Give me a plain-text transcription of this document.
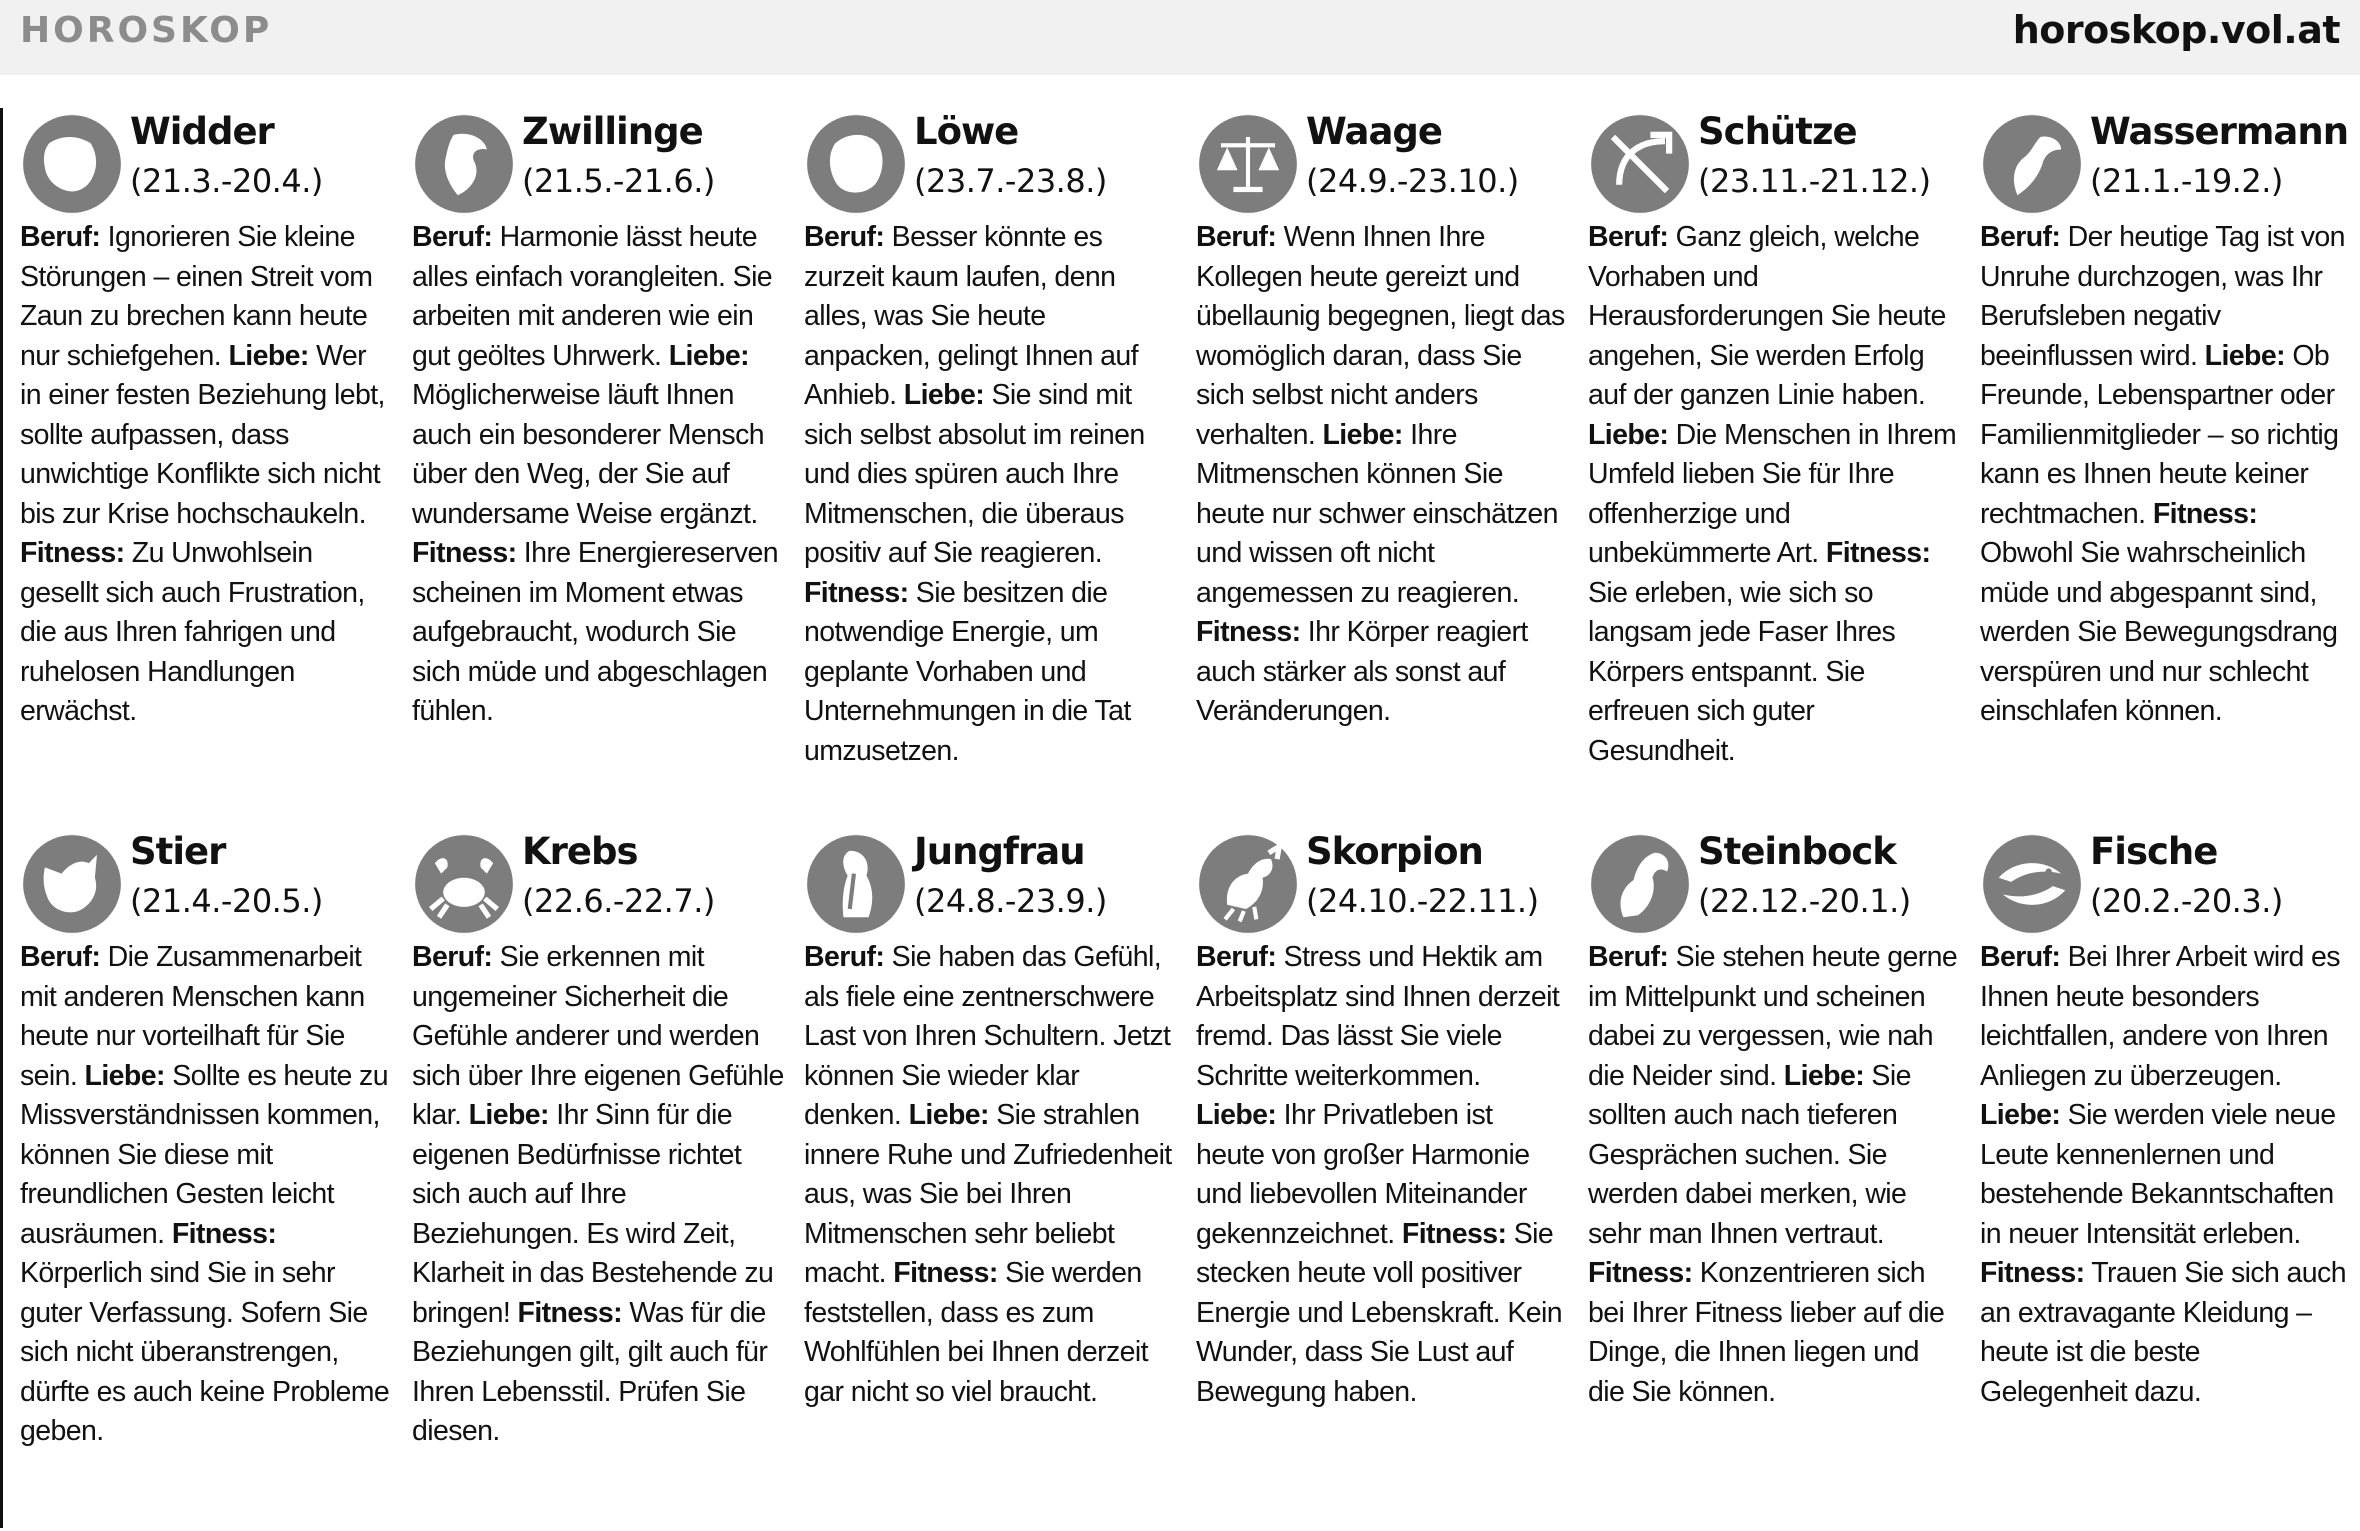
HOROSKOP	horoskop.vol.at
Widder
(21.3.-20.4.)
Beruf: Ignorieren Sie kleine Störungen – einen Streit vom Zaun zu brechen kann heute nur schiefgehen. Liebe: Wer in einer festen Beziehung lebt, sollte aufpassen, dass unwichtige Konflikte sich nicht bis zur Krise hochschaukeln. Fitness: Zu Unwohlsein gesellt sich auch Frustration, die aus Ihren fahrigen und ruhelosen Handlungen erwächst.
Zwillinge
(21.5.-21.6.)
Beruf: Harmonie lässt heute alles einfach vorangleiten. Sie arbeiten mit anderen wie ein gut geöltes Uhrwerk. Liebe: Möglicherweise läuft Ihnen auch ein besonderer Mensch über den Weg, der Sie auf wundersame Weise ergänzt. Fitness: Ihre Energiereserven scheinen im Moment etwas aufgebraucht, wodurch Sie sich müde und abgeschlagen fühlen.
Löwe
(23.7.-23.8.)
Beruf: Besser könnte es zurzeit kaum laufen, denn alles, was Sie heute anpacken, gelingt Ihnen auf Anhieb. Liebe: Sie sind mit sich selbst absolut im reinen und dies spüren auch Ihre Mitmenschen, die überaus positiv auf Sie reagieren. Fitness: Sie besitzen die notwendige Energie, um geplante Vorhaben und Unternehmungen in die Tat umzusetzen.
Waage
(24.9.-23.10.)
Beruf: Wenn Ihnen Ihre Kollegen heute gereizt und übellaunig begegnen, liegt das womöglich daran, dass Sie sich selbst nicht anders verhalten. Liebe: Ihre Mitmenschen können Sie heute nur schwer einschätzen und wissen oft nicht angemessen zu reagieren. Fitness: Ihr Körper reagiert auch stärker als sonst auf Veränderungen.
Schütze
(23.11.-21.12.)
Beruf: Ganz gleich, welche Vorhaben und Herausforderungen Sie heute angehen, Sie werden Erfolg auf der ganzen Linie haben. Liebe: Die Menschen in Ihrem Umfeld lieben Sie für Ihre offenherzige und unbekümmerte Art. Fitness: Sie erleben, wie sich so langsam jede Faser Ihres Körpers entspannt. Sie erfreuen sich guter Gesundheit.
Wassermann
(21.1.-19.2.)
Beruf: Der heutige Tag ist von Unruhe durchzogen, was Ihr Berufsleben negativ beeinflussen wird. Liebe: Ob Freunde, Lebenspartner oder Familienmitglieder – so richtig kann es Ihnen heute keiner rechtmachen. Fitness: Obwohl Sie wahrscheinlich müde und abgespannt sind, werden Sie Bewegungsdrang verspüren und nur schlecht einschlafen können.
Stier
(21.4.-20.5.)
Beruf: Die Zusammenarbeit mit anderen Menschen kann heute nur vorteilhaft für Sie sein. Liebe: Sollte es heute zu Missverständnissen kommen, können Sie diese mit freundlichen Gesten leicht ausräumen. Fitness: Körperlich sind Sie in sehr guter Verfassung. Sofern Sie sich nicht überanstrengen, dürfte es auch keine Probleme geben.
Krebs
(22.6.-22.7.)
Beruf: Sie erkennen mit ungemeiner Sicherheit die Gefühle anderer und werden sich über Ihre eigenen Gefühle klar. Liebe: Ihr Sinn für die eigenen Bedürfnisse richtet sich auch auf Ihre Beziehungen. Es wird Zeit, Klarheit in das Bestehende zu bringen! Fitness: Was für die Beziehungen gilt, gilt auch für Ihren Lebensstil. Prüfen Sie diesen.
Jungfrau
(24.8.-23.9.)
Beruf: Sie haben das Gefühl, als fiele eine zentnerschwere Last von Ihren Schultern. Jetzt können Sie wieder klar denken. Liebe: Sie strahlen innere Ruhe und Zufriedenheit aus, was Sie bei Ihren Mitmenschen sehr beliebt macht. Fitness: Sie werden feststellen, dass es zum Wohlfühlen bei Ihnen derzeit gar nicht so viel braucht.
Skorpion
(24.10.-22.11.)
Beruf: Stress und Hektik am Arbeitsplatz sind Ihnen derzeit fremd. Das lässt Sie viele Schritte weiterkommen. Liebe: Ihr Privatleben ist heute von großer Harmonie und liebevollen Miteinander gekennzeichnet. Fitness: Sie stecken heute voll positiver Energie und Lebenskraft. Kein Wunder, dass Sie Lust auf Bewegung haben.
Steinbock
(22.12.-20.1.)
Beruf: Sie stehen heute gerne im Mittelpunkt und scheinen dabei zu vergessen, wie nah die Neider sind. Liebe: Sie sollten auch nach tieferen Gesprächen suchen. Sie werden dabei merken, wie sehr man Ihnen vertraut. Fitness: Konzentrieren sich bei Ihrer Fitness lieber auf die Dinge, die Ihnen liegen und die Sie können.
Fische
(20.2.-20.3.)
Beruf: Bei Ihrer Arbeit wird es Ihnen heute besonders leichtfallen, andere von Ihren Anliegen zu überzeugen. Liebe: Sie werden viele neue Leute kennenlernen und bestehende Bekanntschaften in neuer Intensität erleben. Fitness: Trauen Sie sich auch an extravagante Kleidung – heute ist die beste Gelegenheit dazu.
